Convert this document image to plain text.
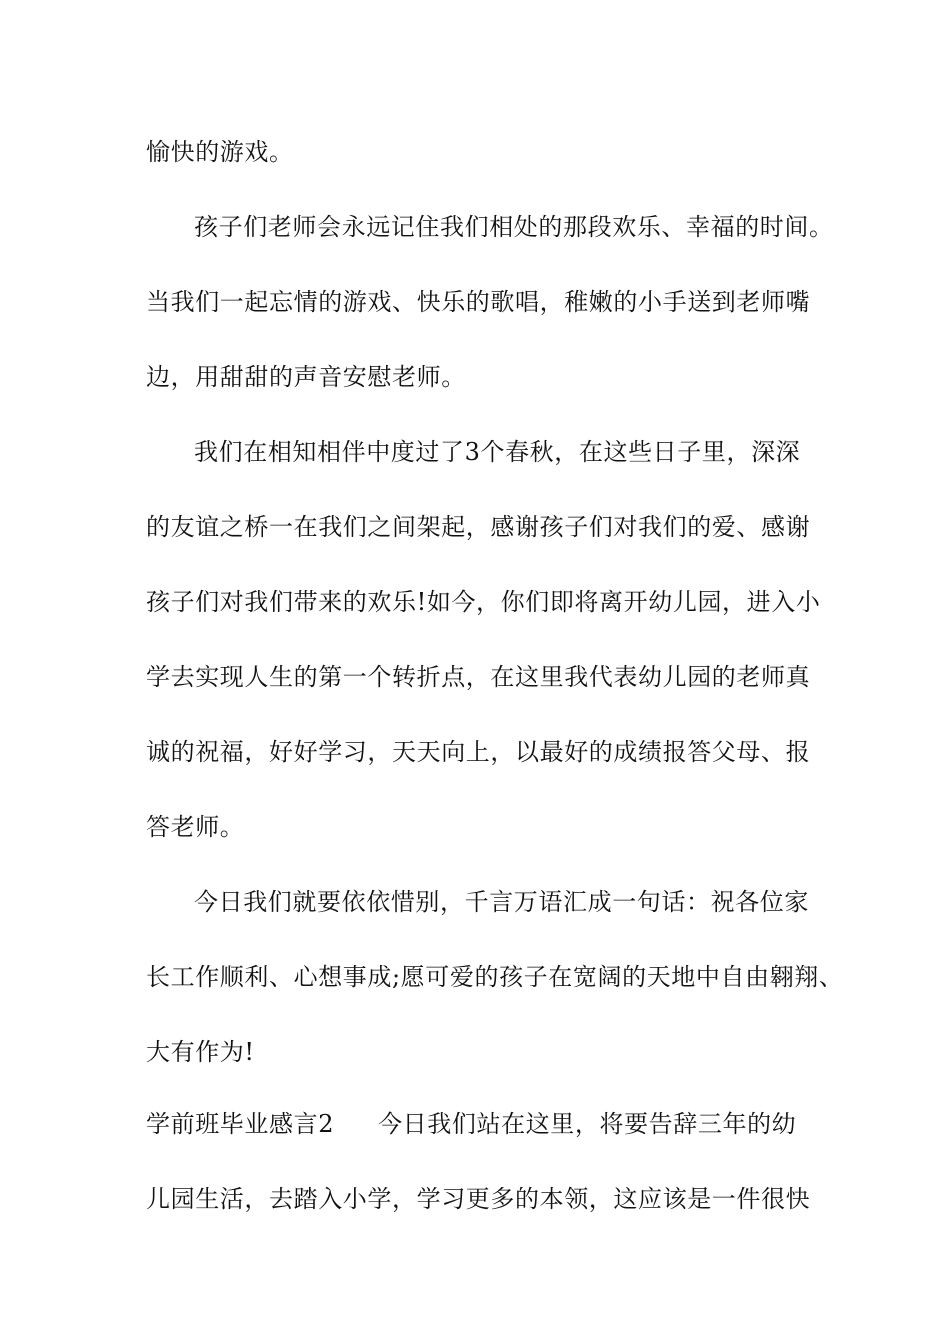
愉快的游戏。
孩子们老师会永远记住我们相处的那段欢乐、幸福的时间。
当我们一起忘情的游戏、快乐的歌唱，稚嫩的小手送到老师嘴
边，用甜甜的声音安慰老师。
我们在相知相伴中度过了3个春秋，在这些日子里，深深
的友谊之桥一在我们之间架起，感谢孩子们对我们的爱、感谢
孩子们对我们带来的欢乐!如今，你们即将离开幼儿园，进入小
学去实现人生的第一个转折点，在这里我代表幼儿园的老师真
诚的祝福，好好学习，天天向上，以最好的成绩报答父母、报
答老师。
今日我们就要依依惜别，千言万语汇成一句话：祝各位家
长工作顺利、心想事成;愿可爱的孩子在宽阔的天地中自由翱翔、
大有作为!
学前班毕业感言2 今日我们站在这里，将要告辞三年的幼
儿园生活，去踏入小学，学习更多的本领，这应该是一件很快
